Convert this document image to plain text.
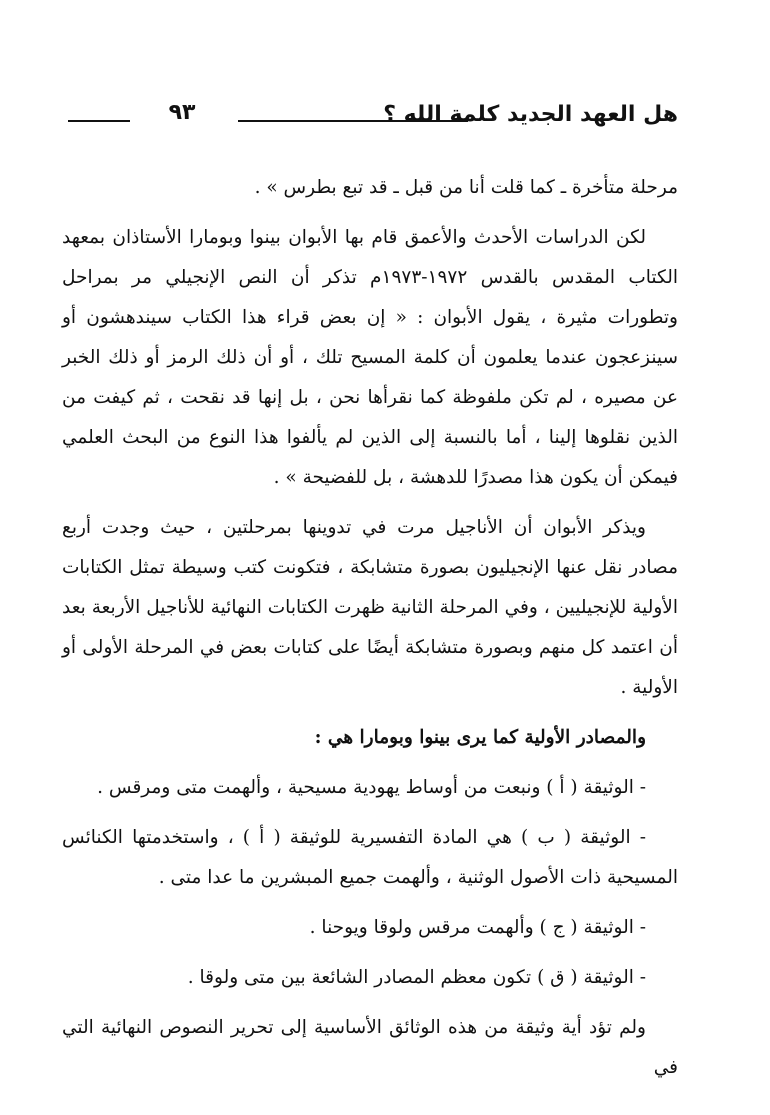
هل العهد الجديد كلمة الله ؟
٩٣

مرحلة متأخرة ـ كما قلت أنا من قبل ـ قد تبع بطرس » .

لكن الدراسات الأحدث والأعمق قام بها الأبوان بينوا وبومارا الأستاذان بمعهد الكتاب المقدس بالقدس ١٩٧٢-١٩٧٣م تذكر أن النص الإنجيلي مر بمراحل وتطورات مثيرة ، يقول الأبوان : « إن بعض قراء هذا الكتاب سيندهشون أو سينزعجون عندما يعلمون أن كلمة المسيح تلك ، أو أن ذلك الرمز أو ذلك الخبر عن مصيره ، لم تكن ملفوظة كما نقرأها نحن ، بل إنها قد نقحت ، ثم كيفت من الذين نقلوها إلينا ، أما بالنسبة إلى الذين لم يألفوا هذا النوع من البحث العلمي فيمكن أن يكون هذا مصدرًا للدهشة ، بل للفضيحة » .

ويذكر الأبوان أن الأناجيل مرت في تدوينها بمرحلتين ، حيث وجدت أربع مصادر نقل عنها الإنجيليون بصورة متشابكة ، فتكونت كتب وسيطة تمثل الكتابات الأولية للإنجيليين ، وفي المرحلة الثانية ظهرت الكتابات النهائية للأناجيل الأربعة بعد أن اعتمد كل منهم وبصورة متشابكة أيضًا على كتابات بعض في المرحلة الأولى أو الأولية .

والمصادر الأولية كما يرى بينوا وبومارا هي :

- الوثيقة ( أ ) ونبعت من أوساط يهودية مسيحية ، وألهمت متى ومرقس .

- الوثيقة ( ب ) هي المادة التفسيرية للوثيقة ( أ ) ، واستخدمتها الكنائس المسيحية ذات الأصول الوثنية ، وألهمت جميع المبشرين ما عدا متى .

- الوثيقة ( ج ) وألهمت مرقس ولوقا ويوحنا .

- الوثيقة ( ق ) تكون معظم المصادر الشائعة بين متى ولوقا .

ولم تؤد أية وثيقة من هذه الوثائق الأساسية إلى تحرير النصوص النهائية التي في
